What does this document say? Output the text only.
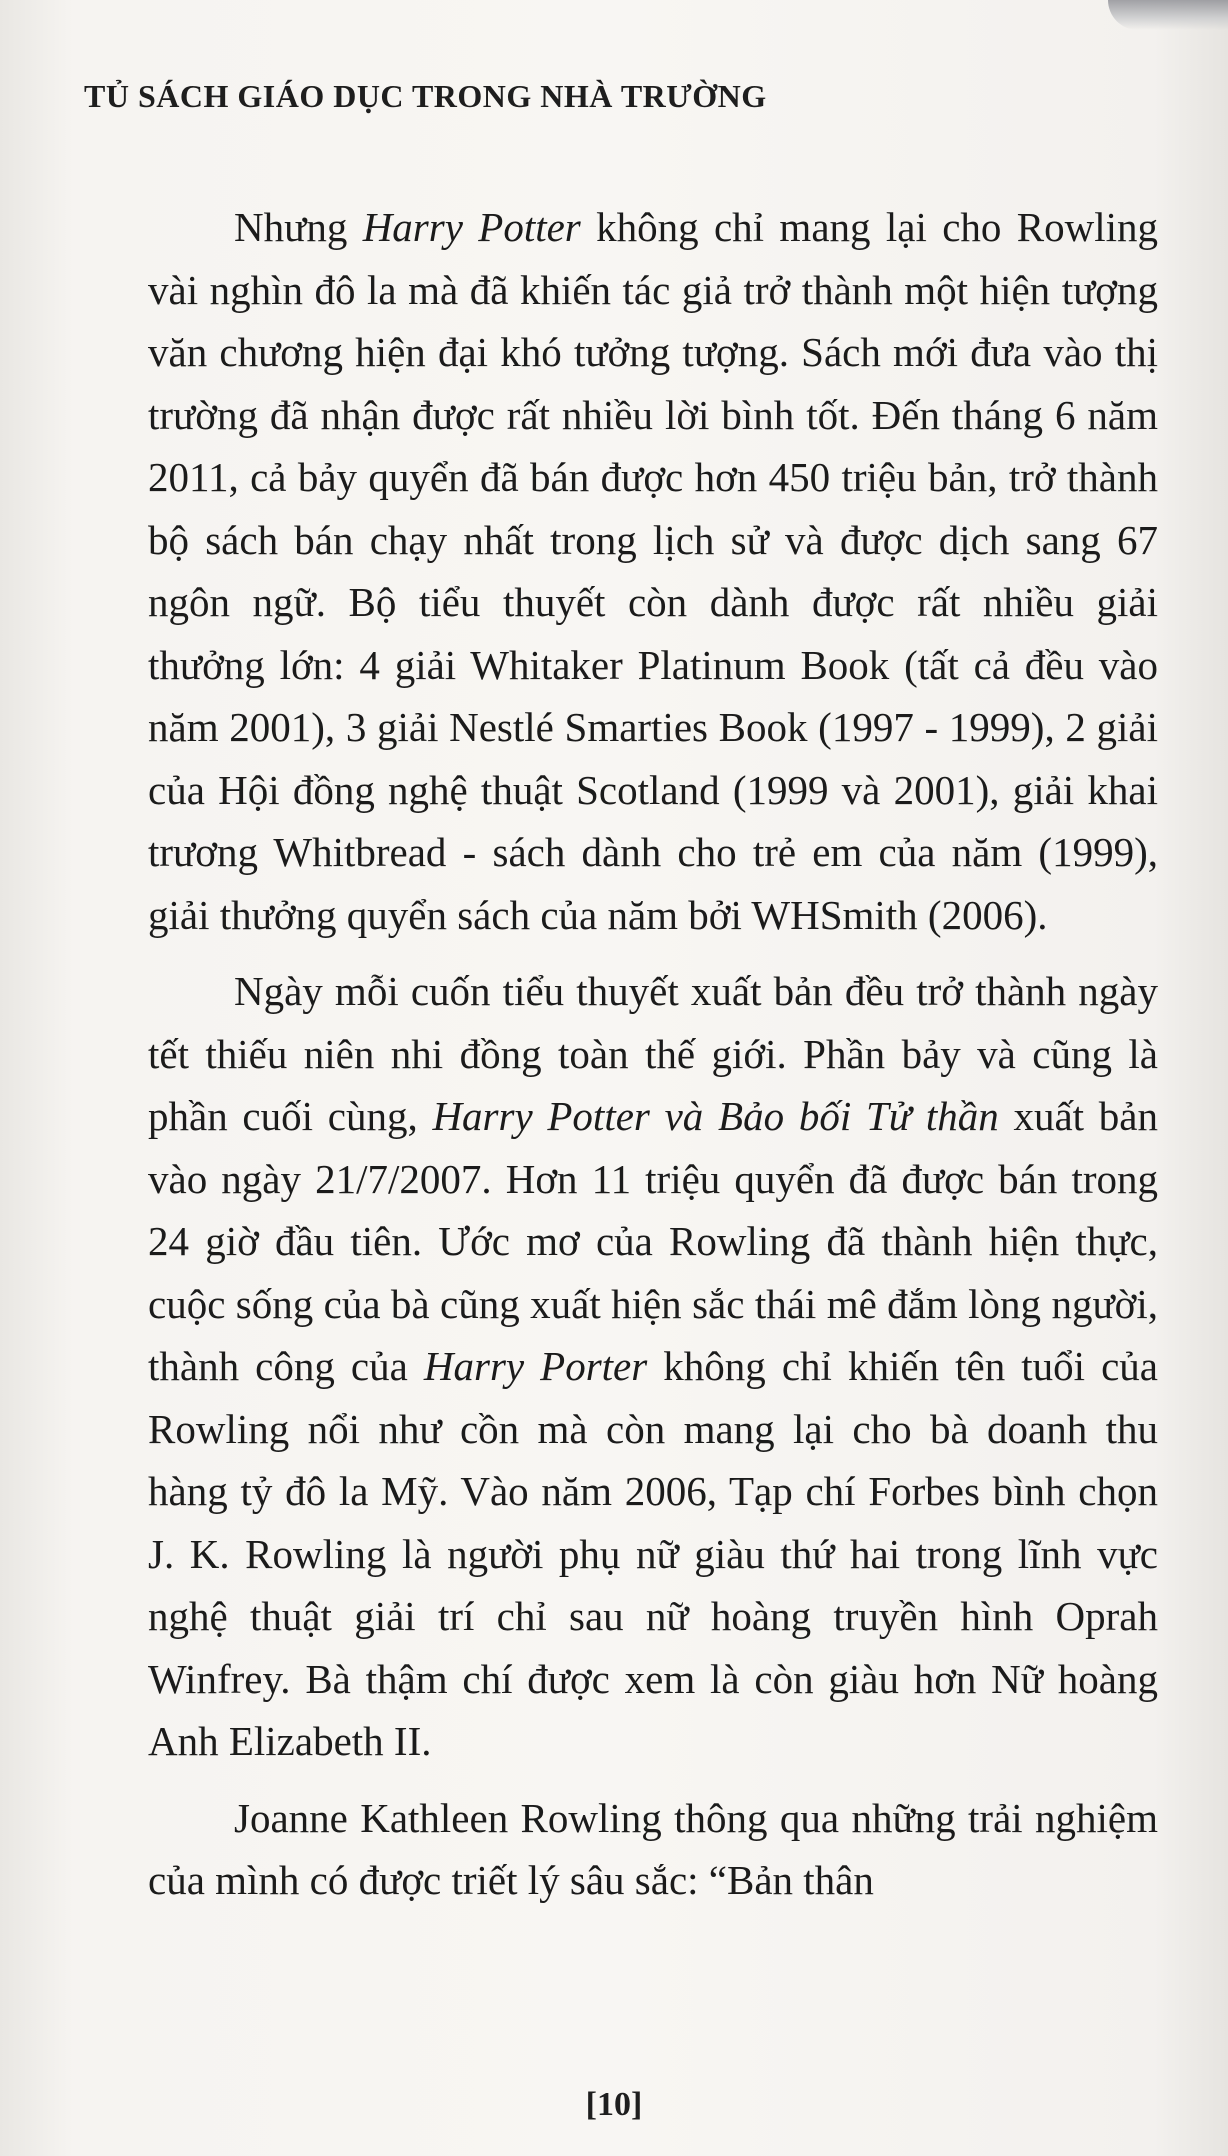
TỦ SÁCH GIÁO DỤC TRONG NHÀ TRƯỜNG

Nhưng Harry Potter không chỉ mang lại cho Rowling vài nghìn đô la mà đã khiến tác giả trở thành một hiện tượng văn chương hiện đại khó tưởng tượng. Sách mới đưa vào thị trường đã nhận được rất nhiều lời bình tốt. Đến tháng 6 năm 2011, cả bảy quyển đã bán được hơn 450 triệu bản, trở thành bộ sách bán chạy nhất trong lịch sử và được dịch sang 67 ngôn ngữ. Bộ tiểu thuyết còn dành được rất nhiều giải thưởng lớn: 4 giải Whitaker Platinum Book (tất cả đều vào năm 2001), 3 giải Nestlé Smarties Book (1997 - 1999), 2 giải của Hội đồng nghệ thuật Scotland (1999 và 2001), giải khai trương Whitbread - sách dành cho trẻ em của năm (1999), giải thưởng quyển sách của năm bởi WHSmith (2006).

Ngày mỗi cuốn tiểu thuyết xuất bản đều trở thành ngày tết thiếu niên nhi đồng toàn thế giới. Phần bảy và cũng là phần cuối cùng, Harry Potter và Bảo bối Tử thần xuất bản vào ngày 21/7/2007. Hơn 11 triệu quyển đã được bán trong 24 giờ đầu tiên. Ước mơ của Rowling đã thành hiện thực, cuộc sống của bà cũng xuất hiện sắc thái mê đắm lòng người, thành công của Harry Porter không chỉ khiến tên tuổi của Rowling nổi như cồn mà còn mang lại cho bà doanh thu hàng tỷ đô la Mỹ. Vào năm 2006, Tạp chí Forbes bình chọn J. K. Rowling là người phụ nữ giàu thứ hai trong lĩnh vực nghệ thuật giải trí chỉ sau nữ hoàng truyền hình Oprah Winfrey. Bà thậm chí được xem là còn giàu hơn Nữ hoàng Anh Elizabeth II.

Joanne Kathleen Rowling thông qua những trải nghiệm của mình có được triết lý sâu sắc: “Bản thân

[10]
